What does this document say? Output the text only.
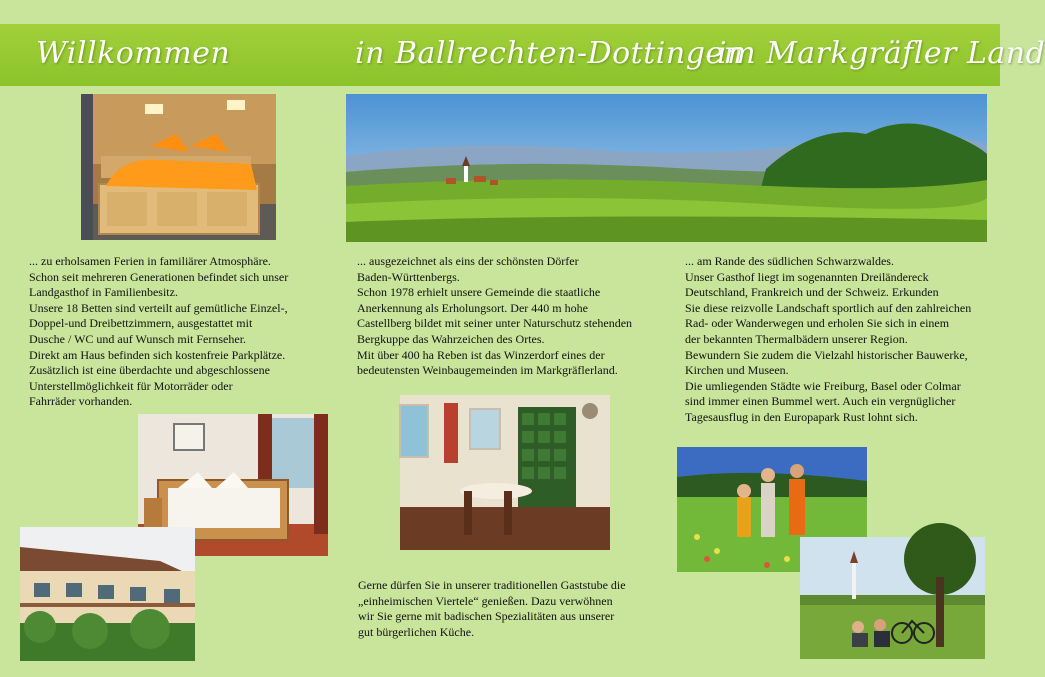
Willkommen	in Ballrechten-Dottingen
im Markgräfler Land

... zu erholsamen Ferien in familiärer Atmosphäre.

Schon seit mehreren Generationen befindet sich unser

Landgasthof in Familienbesitz.

Unsere 18 Betten sind verteilt auf gemütliche Einzel-,

Doppel-und Dreibettzimmern, ausgestattet mit

Dusche / WC und auf Wunsch mit Fernseher.

Direkt am Haus befinden sich kostenfreie Parkplätze.

Zusätzlich ist eine überdachte und abgeschlossene

Unterstellmöglichkeit für Motorräder oder

Fahrräder vorhanden.

... ausgezeichnet als eins der schönsten Dörfer

Baden-Württenbergs.

Schon 1978 erhielt unsere Gemeinde die staatliche

Anerkennung als Erholungsort. Der 440 m hohe

Castellberg bildet mit seiner unter Naturschutz stehenden

Bergkuppe das Wahrzeichen des Ortes.

Mit über 400 ha Reben ist das Winzerdorf eines der

bedeutensten Weinbaugemeinden im Markgräflerland.

... am Rande des südlichen Schwarzwaldes.

Unser Gasthof liegt im sogenannten Dreiländereck

Deutschland, Frankreich und der Schweiz. Erkunden

Sie diese reizvolle Landschaft sportlich auf den zahlreichen

Rad- oder Wanderwegen und erholen Sie sich in einem

der bekannten Thermalbädern unserer Region.

Bewundern Sie zudem die Vielzahl historischer Bauwerke,

Kirchen und Museen.

Die umliegenden Städte wie Freiburg, Basel oder Colmar

sind immer einen Bummel wert. Auch ein vergnüglicher

Tagesausflug in den Europapark Rust lohnt sich.

Gerne dürfen Sie in unserer traditionellen Gaststube die

„einheimischen Viertele“ genießen. Dazu verwöhnen

wir Sie gerne mit badischen Spezialitäten aus unserer

gut bürgerlichen Küche.
